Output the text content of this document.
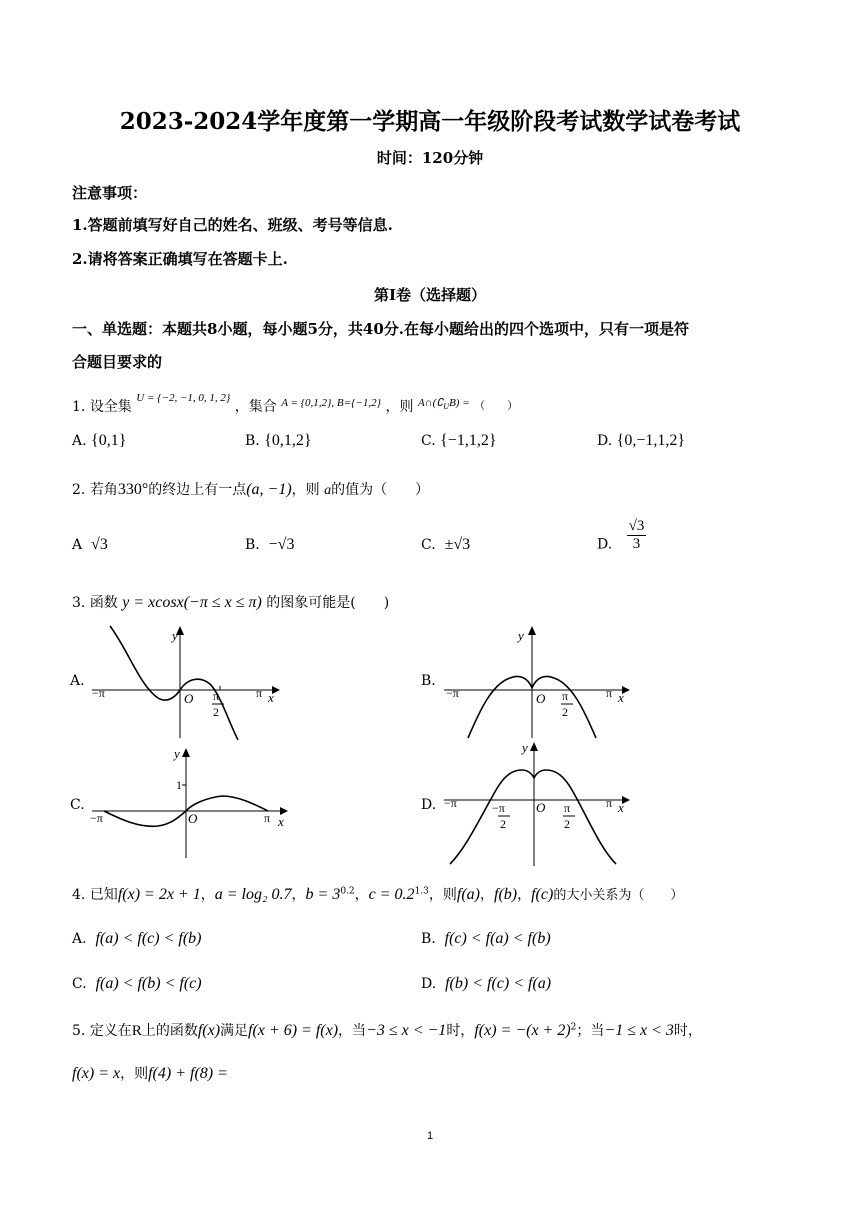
2023-2024学年度第一学期高一年级阶段考试数学试卷考试
时间：120分钟
注意事项：
1.答题前填写好自己的姓名、班级、考号等信息.
2.请将答案正确填写在答题卡上.
第I卷（选择题）
一、单选题：本题共8小题，每小题5分，共40分.在每小题给出的四个选项中，只有一项是符
合题目要求的
1. 设全集 $^{U = \{-2, -1, 0, 1, 2\}}$ ，集合 $^{A = \{0,1,2\}, B=\{-1,2\}}$ ，则 $^{A\cap(∁_UB) =}$ （　　）
A. {0,1}	B. {0,1,2}	C. {−1,1,2}	D. {0,−1,1,2}
2. 若角330°的终边上有一点(a, −1)，则 a的值为（　　）
A √3	B. −√3	C. ±√3	D. $\frac{√3}{3}$
3. 函数 y = xcosx(−π ≤ x ≤ π) 的图象可能是(　　)
A.
y
−π	O π
2
π x
B.
y
−π	O π
2
π x
C.
y
1
−π	O	π x
D.
y
−π	−π
2
O π
2
π x
4. 已知f(x) = 2x + 1，a = log₂ 0.7，$b = 3^{0.2}$，$c = 0.2^{1.3}$，则f(a)，f(b)，f(c)的大小关系为（　　）
A. f(a) < f(c) < f(b)	B. f(c) < f(a) < f(b)
C. f(a) < f(b) < f(c)	D. f(b) < f(c) < f(a)
5. 定义在R上的函数f(x)满足f(x + 6) = f(x)，当−3 ≤ x < −1时，$f(x) = -(x + 2)^2$；当−1 ≤ x < 3时，
f(x) = x，则f(4) + f(8) =
1
